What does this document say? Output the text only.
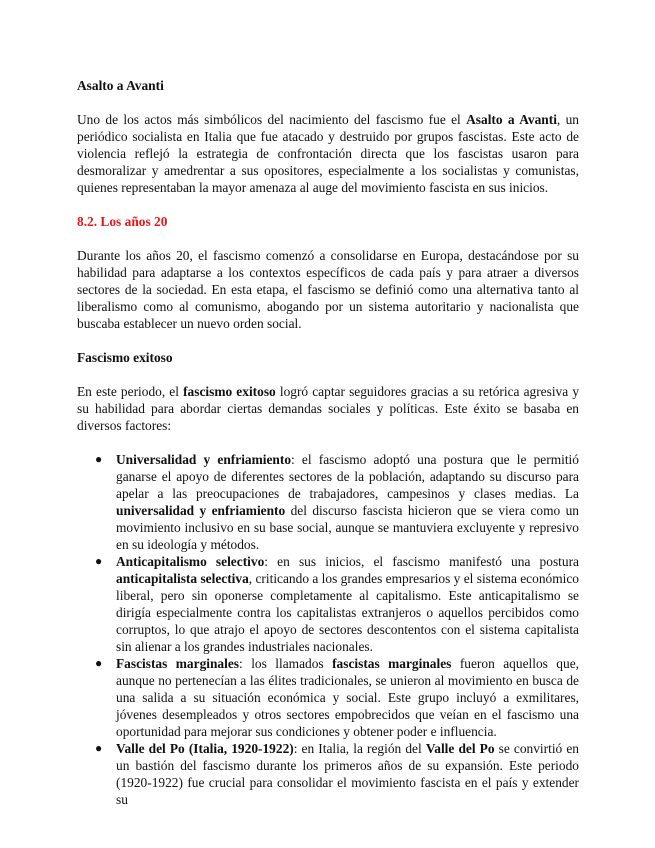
Asalto a Avanti

Uno de los actos más simbólicos del nacimiento del fascismo fue el Asalto a Avanti, un periódico socialista en Italia que fue atacado y destruido por grupos fascistas. Este acto de violencia reflejó la estrategia de confrontación directa que los fascistas usaron para desmoralizar y amedrentar a sus opositores, especialmente a los socialistas y comunistas, quienes representaban la mayor amenaza al auge del movimiento fascista en sus inicios.

8.2. Los años 20

Durante los años 20, el fascismo comenzó a consolidarse en Europa, destacándose por su habilidad para adaptarse a los contextos específicos de cada país y para atraer a diversos sectores de la sociedad. En esta etapa, el fascismo se definió como una alternativa tanto al liberalismo como al comunismo, abogando por un sistema autoritario y nacionalista que buscaba establecer un nuevo orden social.

Fascismo exitoso

En este periodo, el fascismo exitoso logró captar seguidores gracias a su retórica agresiva y su habilidad para abordar ciertas demandas sociales y políticas. Este éxito se basaba en diversos factores:

● Universalidad y enfriamiento: el fascismo adoptó una postura que le permitió ganarse el apoyo de diferentes sectores de la población, adaptando su discurso para apelar a las preocupaciones de trabajadores, campesinos y clases medias. La universalidad y enfriamiento del discurso fascista hicieron que se viera como un movimiento inclusivo en su base social, aunque se mantuviera excluyente y represivo en su ideología y métodos.
● Anticapitalismo selectivo: en sus inicios, el fascismo manifestó una postura anticapitalista selectiva, criticando a los grandes empresarios y el sistema económico liberal, pero sin oponerse completamente al capitalismo. Este anticapitalismo se dirigía especialmente contra los capitalistas extranjeros o aquellos percibidos como corruptos, lo que atrajo el apoyo de sectores descontentos con el sistema capitalista sin alienar a los grandes industriales nacionales.
● Fascistas marginales: los llamados fascistas marginales fueron aquellos que, aunque no pertenecían a las élites tradicionales, se unieron al movimiento en busca de una salida a su situación económica y social. Este grupo incluyó a exmilitares, jóvenes desempleados y otros sectores empobrecidos que veían en el fascismo una oportunidad para mejorar sus condiciones y obtener poder e influencia.
● Valle del Po (Italia, 1920-1922): en Italia, la región del Valle del Po se convirtió en un bastión del fascismo durante los primeros años de su expansión. Este periodo (1920-1922) fue crucial para consolidar el movimiento fascista en el país y extender su
